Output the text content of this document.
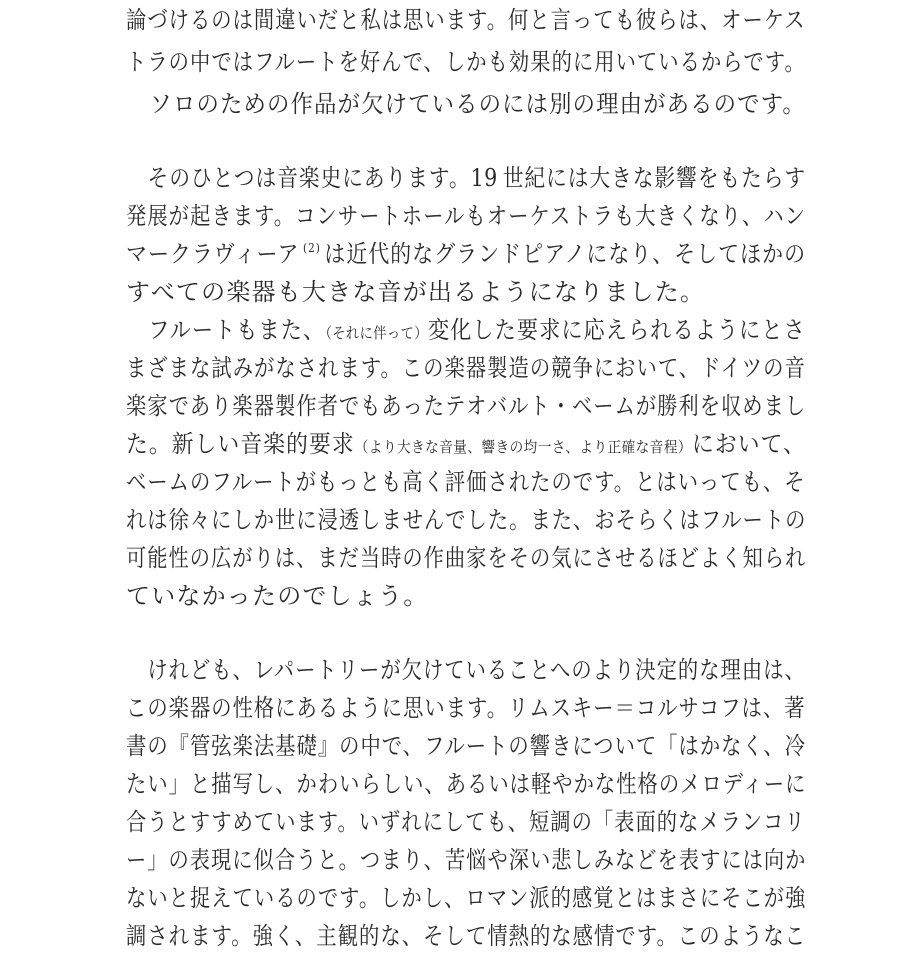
論づけるのは間違いだと私は思います。何と言っても彼らは、オーケス
トラの中ではフルートを好んで、しかも効果的に用いているからです。
　ソロのための作品が欠けているのには別の理由があるのです。
　そのひとつは音楽史にあります。19 世紀には大きな影響をもたらす
発展が起きます。コンサートホールもオーケストラも大きくなり、ハン
マークラヴィーア $^{(2)}$ は近代的なグランドピアノになり、そしてほかの
すべての楽器も大きな音が出るようになりました。
　フルートもまた、（それに伴って）変化した要求に応えられるようにとさ
まざまな試みがなされます。この楽器製造の競争において、ドイツの音
楽家であり楽器製作者でもあったテオバルト・ベームが勝利を収めまし
た。新しい音楽的要求（より大きな音量、響きの均一さ、より正確な音程）において、
ベームのフルートがもっとも高く評価されたのです。とはいっても、そ
れは徐々にしか世に浸透しませんでした。また、おそらくはフルートの
可能性の広がりは、まだ当時の作曲家をその気にさせるほどよく知られ
ていなかったのでしょう。
　けれども、レパートリーが欠けていることへのより決定的な理由は、
この楽器の性格にあるように思います。リムスキー＝コルサコフは、著
書の『管弦楽法基礎』の中で、フルートの響きについて「はかなく、冷
たい」と描写し、かわいらしい、あるいは軽やかな性格のメロディーに
合うとすすめています。いずれにしても、短調の「表面的なメランコリ
ー」の表現に似合うと。つまり、苦悩や深い悲しみなどを表すには向か
ないと捉えているのです。しかし、ロマン派的感覚とはまさにそこが強
調されます。強く、主観的な、そして情熱的な感情です。このようなこ
